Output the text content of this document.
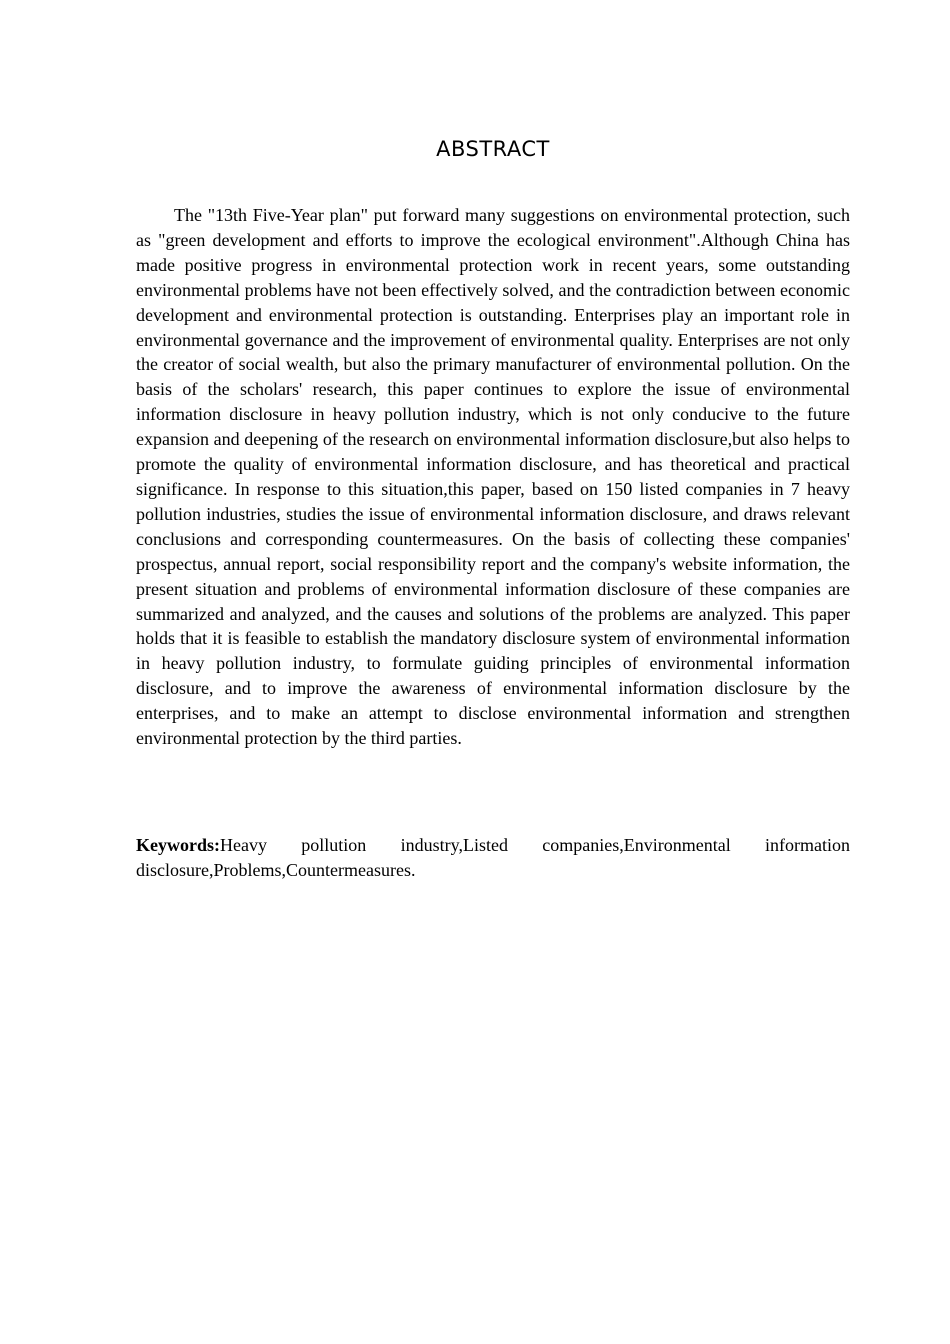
ABSTRACT

The "13th Five-Year plan" put forward many suggestions on environmental protection, such as "green development and efforts to improve the ecological environment".Although China has made positive progress in environmental protection work in recent years, some outstanding environmental problems have not been effectively solved, and the contradiction between economic development and environmental protection is outstanding. Enterprises play an important role in environmental governance and the improvement of environmental quality. Enterprises are not only the creator of social wealth, but also the primary manufacturer of environmental pollution. On the basis of the scholars' research, this paper continues to explore the issue of environmental information disclosure in heavy pollution industry, which is not only conducive to the future expansion and deepening of the research on environmental information disclosure,but also helps to promote the quality of environmental information disclosure, and has theoretical and practical significance. In response to this situation,this paper, based on 150 listed companies in 7 heavy pollution industries, studies the issue of environmental information disclosure, and draws relevant conclusions and corresponding countermeasures. On the basis of collecting these companies' prospectus, annual report, social responsibility report and the company's website information, the present situation and problems of environmental information disclosure of these companies are summarized and analyzed, and the causes and solutions of the problems are analyzed. This paper holds that it is feasible to establish the mandatory disclosure system of environmental information in heavy pollution industry, to formulate guiding principles of environmental information disclosure, and to improve the awareness of environmental information disclosure by the enterprises, and to make an attempt to disclose environmental information and strengthen environmental protection by the third parties.

Keywords:Heavy pollution industry,Listed companies,Environmental information disclosure,Problems,Countermeasures.
